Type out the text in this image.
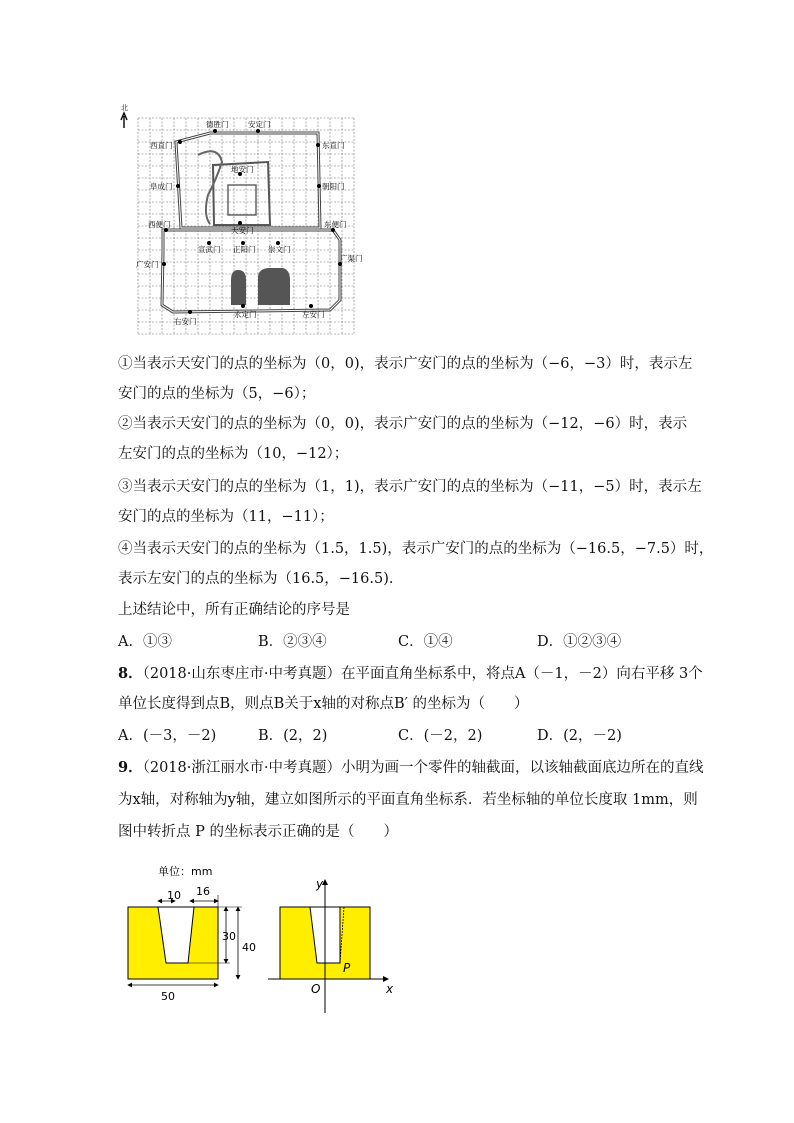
北
德胜门	安定门
西直门	东直门
阜成门	朝阳门
地安门
西便门	东便门
天安门
宣武门 正阳门 崇文门
广安门
广渠门
右安门
永定门	左安门
①当表示天安门的点的坐标为（0，0)，表示广安门的点的坐标为（−6，−3）时，表示左
安门的点的坐标为（5，−6）；
②当表示天安门的点的坐标为（0，0)，表示广安门的点的坐标为（−12，−6）时，表示
左安门的点的坐标为（10，−12）；
③当表示天安门的点的坐标为（1，1)，表示广安门的点的坐标为（−11，−5）时，表示左
安门的点的坐标为（11，−11）；
④当表示天安门的点的坐标为（1.5，1.5)，表示广安门的点的坐标为（−16.5，−7.5）时，
表示左安门的点的坐标为（16.5，−16.5).
上述结论中，所有正确结论的序号是
A．①③	B．②③④	C．①④	D．①②③④
8．（2018·山东枣庄市·中考真题）在平面直角坐标系中，将点A（－1，－2）向右平移 3个
单位长度得到点B，则点B关于x轴的对称点B′ 的坐标为（　　）
A．(－3，－2)	B．(2，2)	C．(－2，2)	D．(2，－2)
9．（2018·浙江丽水市·中考真题）小明为画一个零件的轴截面，以该轴截面底边所在的直线
为x轴，对称轴为y轴，建立如图所示的平面直角坐标系．若坐标轴的单位长度取 1mm，则
图中转折点 P 的坐标表示正确的是（　　）
单位：mm
10 16
30
40
50
y
x
O
P
